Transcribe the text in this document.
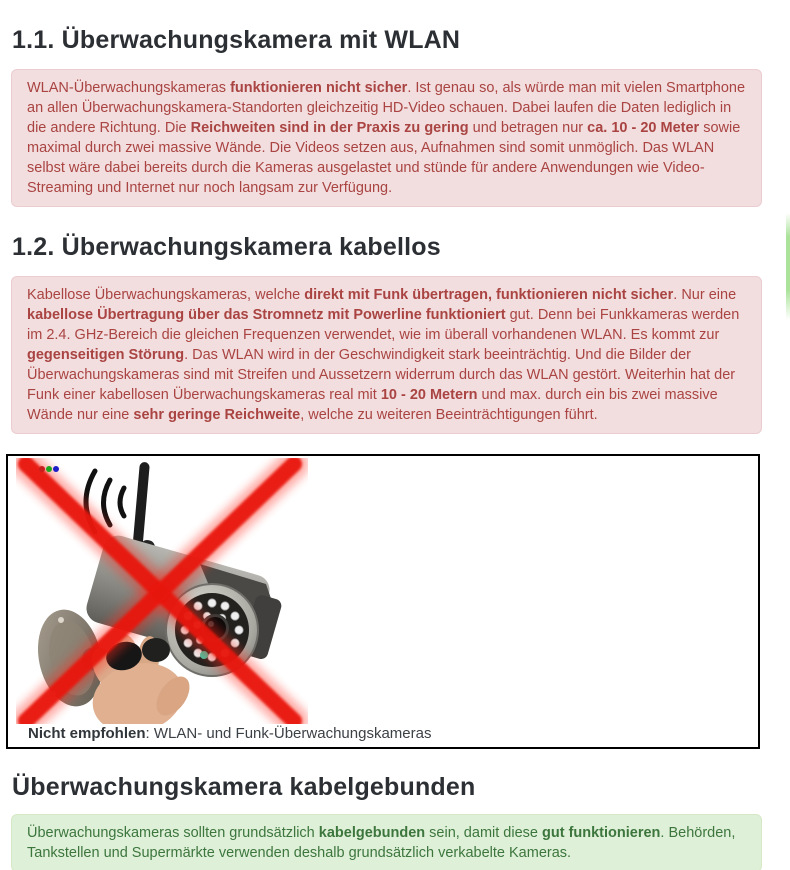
1.1. Überwachungskamera mit WLAN
WLAN-Überwachungskameras funktionieren nicht sicher. Ist genau so, als würde man mit vielen Smartphone
an allen Überwachungskamera-Standorten gleichzeitig HD-Video schauen. Dabei laufen die Daten lediglich in
die andere Richtung. Die Reichweiten sind in der Praxis zu gering und betragen nur ca. 10 - 20 Meter sowie
maximal durch zwei massive Wände. Die Videos setzen aus, Aufnahmen sind somit unmöglich. Das WLAN
selbst wäre dabei bereits durch die Kameras ausgelastet und stünde für andere Anwendungen wie Video-
Streaming und Internet nur noch langsam zur Verfügung.
1.2. Überwachungskamera kabellos
Kabellose Überwachungskameras, welche direkt mit Funk übertragen, funktionieren nicht sicher. Nur eine
kabellose Übertragung über das Stromnetz mit Powerline funktioniert gut. Denn bei Funkkameras werden
im 2.4. GHz-Bereich die gleichen Frequenzen verwendet, wie im überall vorhandenen WLAN. Es kommt zur
gegenseitigen Störung. Das WLAN wird in der Geschwindigkeit stark beeinträchtig. Und die Bilder der
Überwachungskameras sind mit Streifen und Aussetzern widerrum durch das WLAN gestört. Weiterhin hat der
Funk einer kabellosen Überwachungskameras real mit 10 - 20 Metern und max. durch ein bis zwei massive
Wände nur eine sehr geringe Reichweite, welche zu weiteren Beeinträchtigungen führt.
Nicht empfohlen: WLAN- und Funk-Überwachungskameras
Überwachungskamera kabelgebunden
Überwachungskameras sollten grundsätzlich kabelgebunden sein, damit diese gut funktionieren. Behörden,
Tankstellen und Supermärkte verwenden deshalb grundsätzlich verkabelte Kameras.
